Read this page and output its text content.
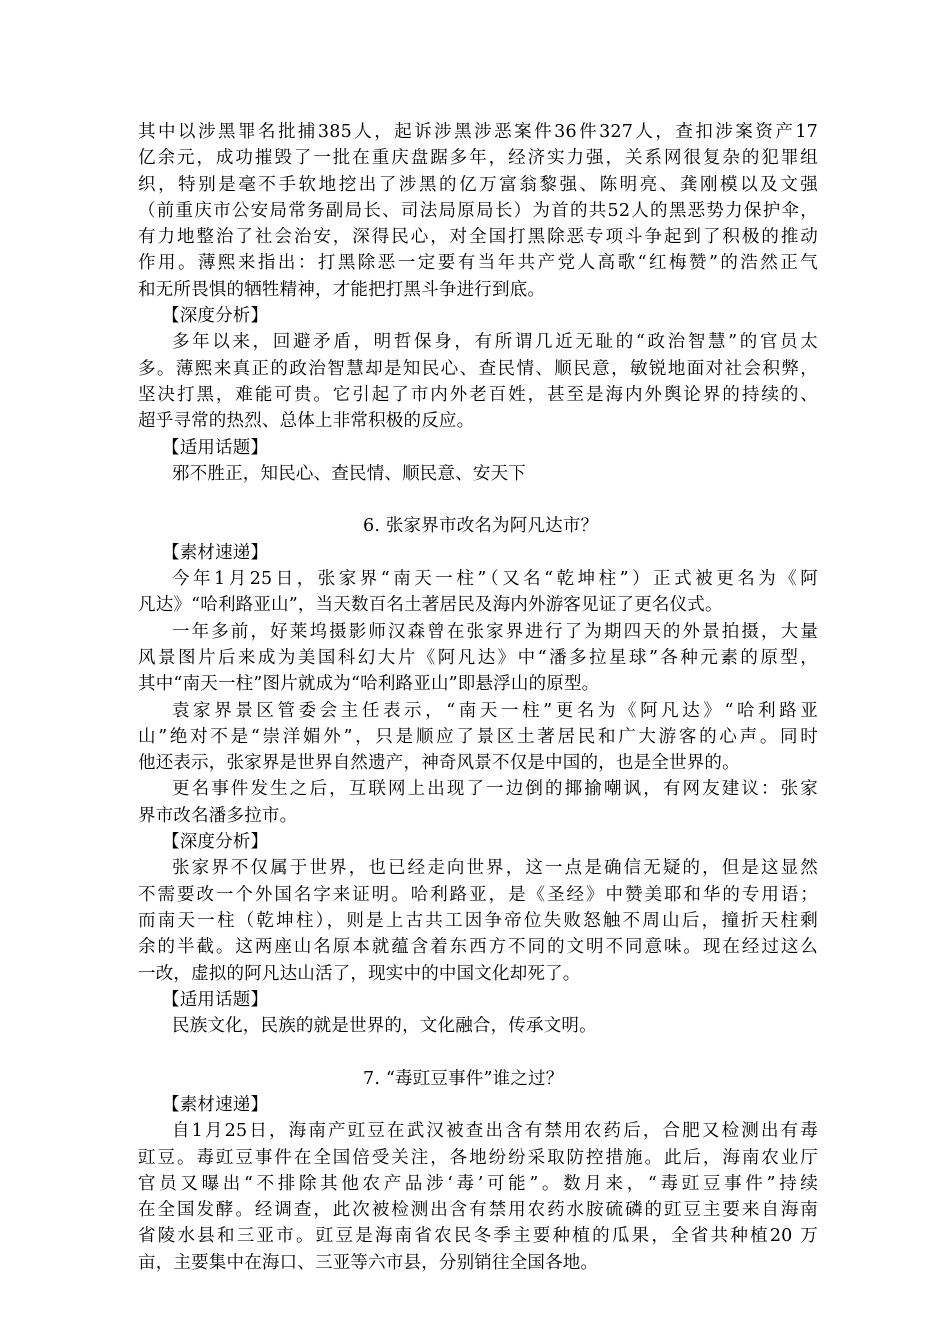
其中以涉黑罪名批捕385人，起诉涉黑涉恶案件36件327人，查扣涉案资产17
亿余元，成功摧毁了一批在重庆盘踞多年，经济实力强，关系网很复杂的犯罪组
织，特别是毫不手软地挖出了涉黑的亿万富翁黎强、陈明亮、龚刚模以及文强
（前重庆市公安局常务副局长、司法局原局长）为首的共52人的黑恶势力保护伞，
有力地整治了社会治安，深得民心，对全国打黑除恶专项斗争起到了积极的推动
作用。薄熙来指出：打黑除恶一定要有当年共产党人高歌“红梅赞”的浩然正气
和无所畏惧的牺牲精神，才能把打黑斗争进行到底。
【深度分析】
多年以来，回避矛盾，明哲保身，有所谓几近无耻的“政治智慧”的官员太
多。薄熙来真正的政治智慧却是知民心、查民情、顺民意，敏锐地面对社会积弊，
坚决打黑，难能可贵。它引起了市内外老百姓，甚至是海内外舆论界的持续的、
超乎寻常的热烈、总体上非常积极的反应。
【适用话题】
邪不胜正，知民心、查民情、顺民意、安天下
6. 张家界市改名为阿凡达市？
【素材速递】
今年1月25日，张家界“南天一柱”（又名“乾坤柱”）正式被更名为《阿
凡达》“哈利路亚山”，当天数百名土著居民及海内外游客见证了更名仪式。
一年多前，好莱坞摄影师汉森曾在张家界进行了为期四天的外景拍摄，大量
风景图片后来成为美国科幻大片《阿凡达》中“潘多拉星球”各种元素的原型，
其中“南天一柱”图片就成为“哈利路亚山”即悬浮山的原型。
袁家界景区管委会主任表示，“南天一柱”更名为《阿凡达》“哈利路亚
山”绝对不是“崇洋媚外”，只是顺应了景区土著居民和广大游客的心声。同时
他还表示，张家界是世界自然遗产，神奇风景不仅是中国的，也是全世界的。
更名事件发生之后，互联网上出现了一边倒的揶揄嘲讽，有网友建议：张家
界市改名潘多拉市。
【深度分析】
张家界不仅属于世界，也已经走向世界，这一点是确信无疑的，但是这显然
不需要改一个外国名字来证明。哈利路亚，是《圣经》中赞美耶和华的专用语；
而南天一柱（乾坤柱），则是上古共工因争帝位失败怒触不周山后，撞折天柱剩
余的半截。这两座山名原本就蕴含着东西方不同的文明不同意味。现在经过这么
一改，虚拟的阿凡达山活了，现实中的中国文化却死了。
【适用话题】
民族文化，民族的就是世界的，文化融合，传承文明。
7. “毒豇豆事件”谁之过？
【素材速递】
自1月25日，海南产豇豆在武汉被查出含有禁用农药后，合肥又检测出有毒
豇豆。毒豇豆事件在全国倍受关注，各地纷纷采取防控措施。此后，海南农业厅
官员又曝出“不排除其他农产品涉‘毒’可能”。数月来，“毒豇豆事件”持续
在全国发酵。经调查，此次被检测出含有禁用农药水胺硫磷的豇豆主要来自海南
省陵水县和三亚市。豇豆是海南省农民冬季主要种植的瓜果，全省共种植20 万
亩，主要集中在海口、三亚等六市县，分别销往全国各地。
